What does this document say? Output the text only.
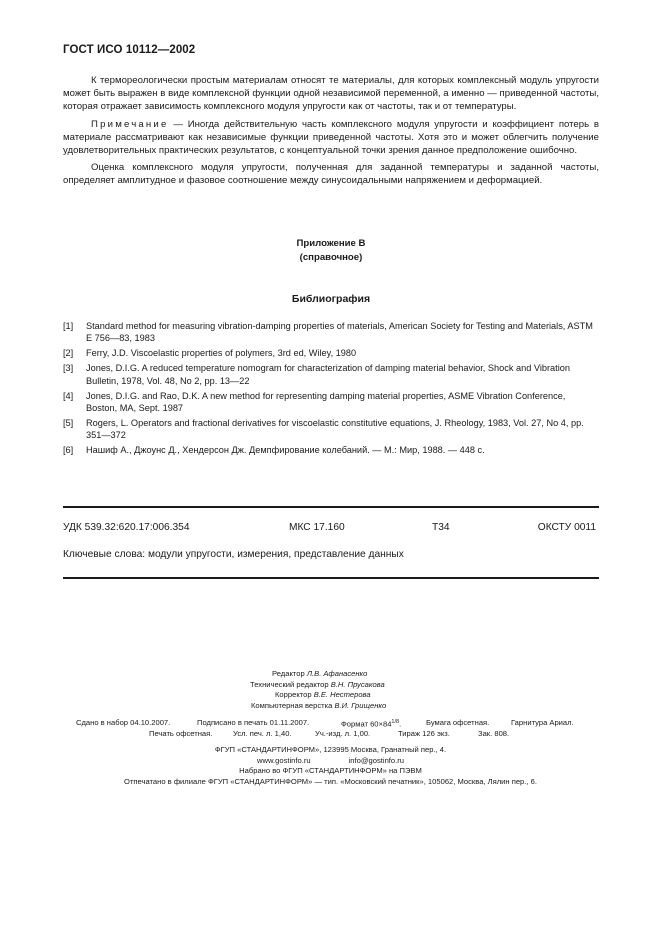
ГОСТ ИСО 10112—2002

К термореологически простым материалам относят те материалы, для которых комплексный модуль упругости может быть выражен в виде комплексной функции одной независимой переменной, а именно — приведенной частоты, которая отражает зависимость комплексного модуля упругости как от частоты, так и от температуры.

Примечание — Иногда действительную часть комплексного модуля упругости и коэффициент потерь в материале рассматривают как независимые функции приведенной частоты. Хотя это и может облегчить получение удовлетворительных практических результатов, с концептуальной точки зрения данное предположение ошибочно.

Оценка комплексного модуля упругости, полученная для заданной температуры и заданной частоты, определяет амплитудное и фазовое соотношение между синусоидальными напряжением и деформацией.

Приложение В
(справочное)
Библиография
[1] Standard method for measuring vibration-damping properties of materials, American Society for Testing and Materials, ASTM E 756—83, 1983
[2] Ferry, J.D. Viscoelastic properties of polymers, 3rd ed, Wiley, 1980
[3] Jones, D.I.G. A reduced temperature nomogram for characterization of damping material behavior, Shock and Vibration Bulletin, 1978, Vol. 48, No 2, pp. 13—22
[4] Jones, D.I.G. and Rao, D.K. A new method for representing damping material properties, ASME Vibration Conference, Boston, MA, Sept. 1987
[5] Rogers, L. Operators and fractional derivatives for viscoelastic constitutive equations, J. Rheology, 1983, Vol. 27, No 4, pp. 351—372
[6] Нашиф А., Джоунс Д., Хендерсон Дж. Демпфирование колебаний. — М.: Мир, 1988. — 448 с.
УДК 539.32:620.17:006.354	МКС 17.160	Т34	ОКСТУ 0011
Ключевые слова: модули упругости, измерения, представление данных
Редактор Л.В. Афанасенко
Технический редактор В.Н. Прусакова
Корректор В.Е. Нестерова
Компьютерная верстка В.И. Грищенко
Сдано в набор 04.10.2007.	Подписано в печать 01.11.2007.	Формат $60\times 84^{1/8}$.	Бумага офсетная.	Гарнитура Ариал.
Печать офсетная.	Усл. печ. л. 1,40.	Уч.-изд. л. 1,00.	Тираж 126 экз.	Зак. 808.
ФГУП «СТАНДАРТИНФОРМ», 123995 Москва, Гранатный пер., 4.
www.gostinfo.ru	info@gostinfo.ru
Набрано во ФГУП «СТАНДАРТИНФОРМ» на ПЭВМ
Отпечатано в филиале ФГУП «СТАНДАРТИНФОРМ» — тип. «Московский печатник», 105062, Москва, Лялин пер., 6.
